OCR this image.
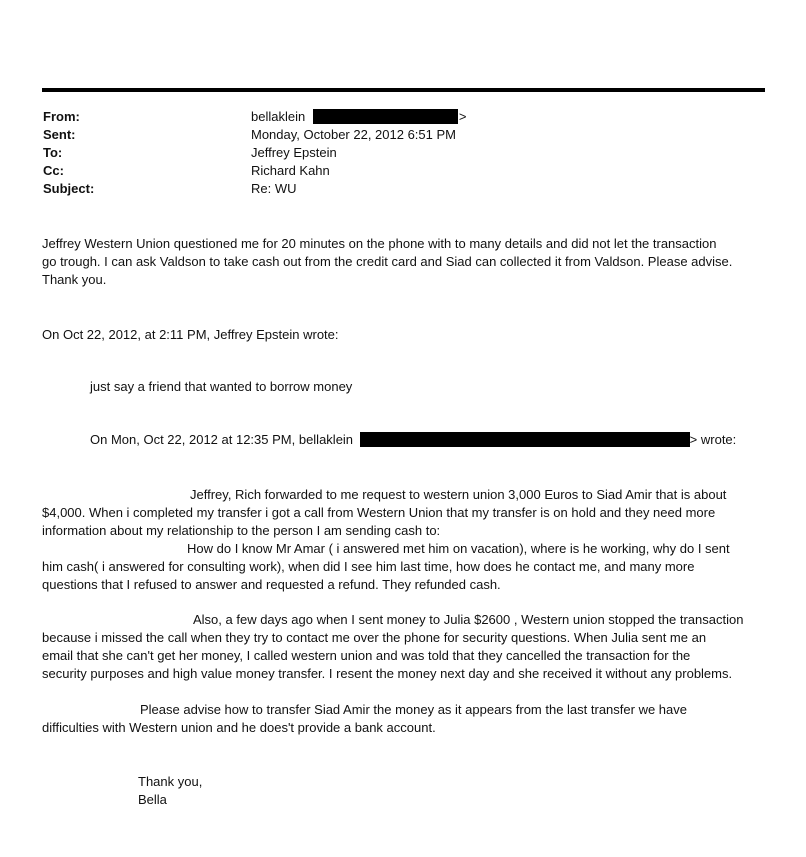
From:	bellaklein	>
Sent:	Monday, October 22, 2012 6:51 PM
To:	Jeffrey Epstein
Cc:	Richard Kahn
Subject:	Re: WU
Jeffrey Western Union questioned me for 20 minutes on the phone with to many details and did not let the transaction
go trough. I can ask Valdson to take cash out from the credit card and Siad can collected it from Valdson. Please advise.
Thank you.
On Oct 22, 2012, at 2:11 PM, Jeffrey Epstein wrote:
just say a friend that wanted to borrow money
On Mon, Oct 22, 2012 at 12:35 PM, bellaklein	> wrote:
Jeffrey, Rich forwarded to me request to western union 3,000 Euros to Siad Amir that is about
$4,000. When i completed my transfer i got a call from Western Union that my transfer is on hold and they need more
information about my relationship to the person I am sending cash to:
How do I know Mr Amar ( i answered met him on vacation), where is he working, why do I sent
him cash( i answered for consulting work), when did I see him last time, how does he contact me, and many more
questions that I refused to answer and requested a refund. They refunded cash.
Also, a few days ago when I sent money to Julia $2600 , Western union stopped the transaction
because i missed the call when they try to contact me over the phone for security questions. When Julia sent me an
email that she can't get her money, I called western union and was told that they cancelled the transaction for the
security purposes and high value money transfer. I resent the money next day and she received it without any problems.
Please advise how to transfer Siad Amir the money as it appears from the last transfer we have
difficulties with Western union and he does't provide a bank account.
Thank you,
Bella
